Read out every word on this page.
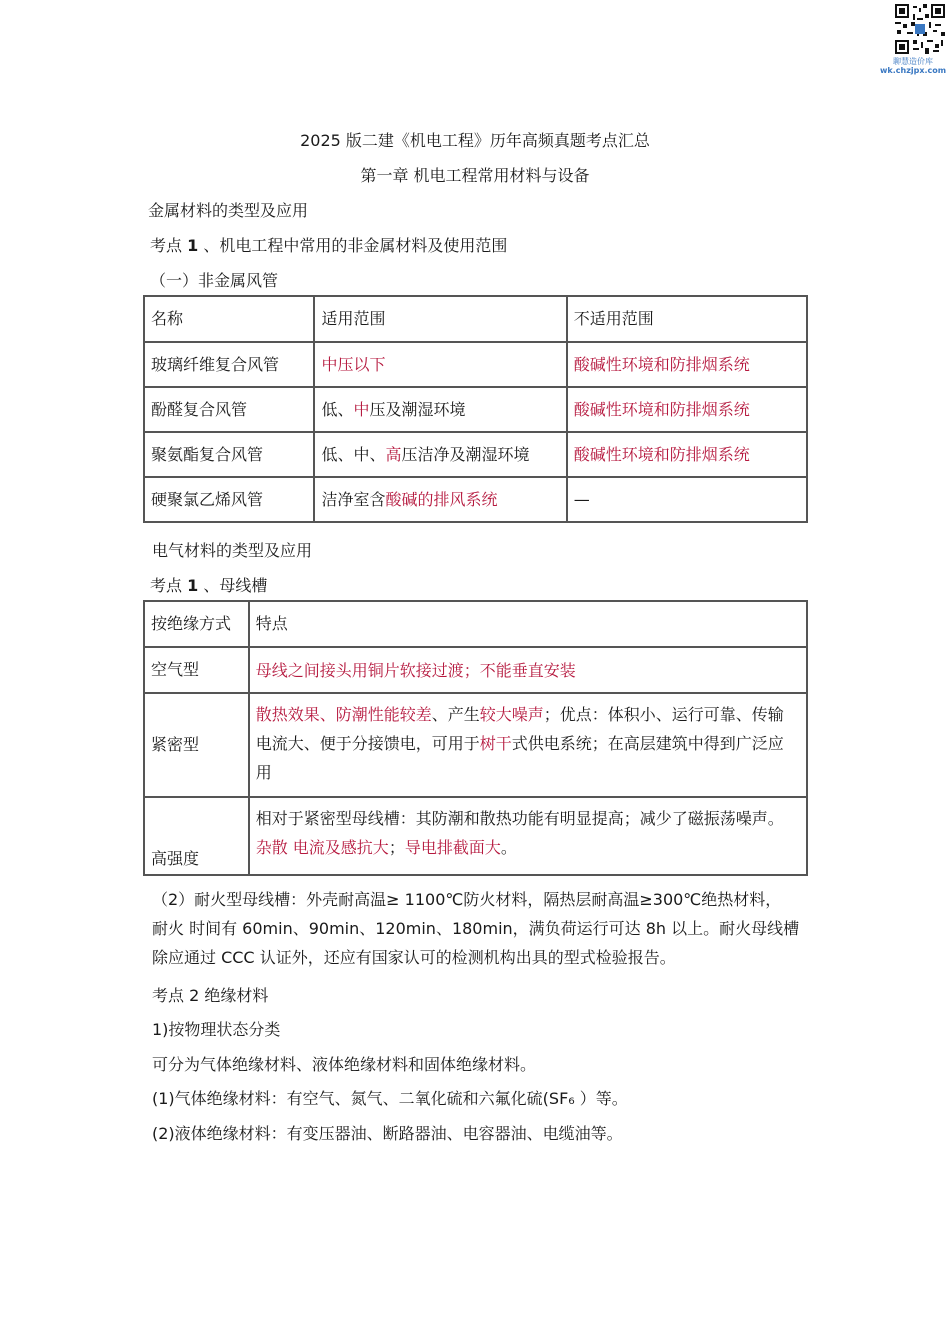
聊慧造价库
wk.chzjpx.com
2025 版二建《机电工程》历年高频真题考点汇总
第一章 机电工程常用材料与设备
金属材料的类型及应用
考点 1 、机电工程中常用的非金属材料及使用范围
（一）非金属风管
名称	适用范围	不适用范围
玻璃纤维复合风管	中压以下	酸碱性环境和防排烟系统
酚醛复合风管	低、中压及潮湿环境	酸碱性环境和防排烟系统
聚氨酯复合风管	低、中、高压洁净及潮湿环境	酸碱性环境和防排烟系统
硬聚氯乙烯风管	洁净室含酸碱的排风系统	—
电气材料的类型及应用
考点 1 、母线槽
按绝缘方式	特点
空气型	母线之间接头用铜片软接过渡；不能垂直安装

紧密型	散热效果、防潮性能较差、产生较大噪声；优点：体积小、运行可靠、传输
电流大、便于分接馈电，可用于树干式供电系统；在高层建筑中得到广泛应
用

高强度	相对于紧密型母线槽：其防潮和散热功能有明显提高；减少了磁振荡噪声。
杂散 电流及感抗大；导电排截面大。
（2）耐火型母线槽：外壳耐高温≥ 1100℃防火材料，隔热层耐高温≥300℃绝热材料，
耐火 时间有 60min、90min、120min、180min，满负荷运行可达 8h 以上。耐火母线槽
除应通过 CCC 认证外，还应有国家认可的检测机构出具的型式检验报告。
考点 2 绝缘材料
1)按物理状态分类
可分为气体绝缘材料、液体绝缘材料和固体绝缘材料。
(1)气体绝缘材料：有空气、氮气、二氧化硫和六氟化硫(SF₆ ）等。
(2)液体绝缘材料：有变压器油、断路器油、电容器油、电缆油等。
